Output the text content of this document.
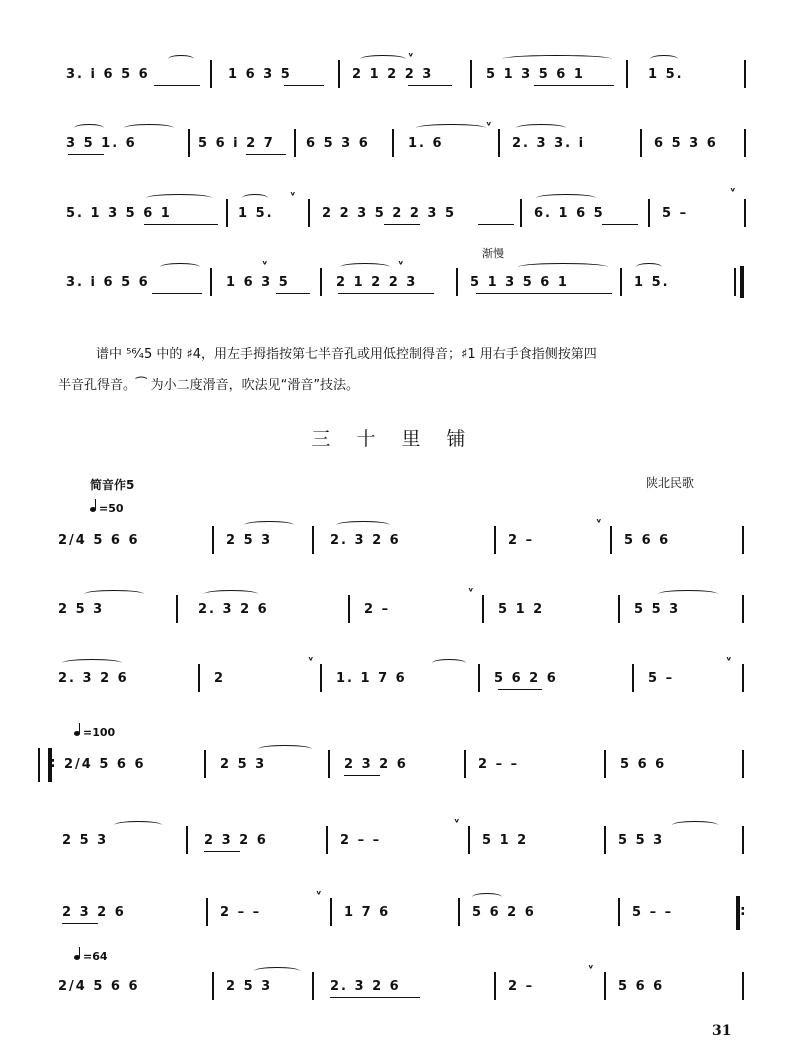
3. i 6 5 6	1 6 3 5	2 1 2 2 3
ᵛ
5 1 3 5 6 1	1 5.
3 5 1. 6	5 6 i 2 7 6 5 3 6	1. 6
ᵛ
2. 3 3. i	6 5 3 6
5. 1 3 5 6 1	1 5.
ᵛ
2 2 3 5 2 2 3 5	6. 1 6 5	5 –
ᵛ
渐慢
3. i 6 5 6	1 6 3 5
ᵛ
2 1 2 2 3
ᵛ
5 1 3 5 6 1	1 5.
谱中 ⁵⁶⁄₄5 中的 ♯4，用左手拇指按第七半音孔或用低控制得音；♯1 用右手食指侧按第四
半音孔得音。⁀ 为小二度滑音，吹法见“滑音”技法。
三十里铺
简音作5	陕北民歌
=50
2/4 5 6 6	2 5 3	2. 3 2 6	2 –
ᵛ
5 6 6
2 5 3	2. 3 2 6	2 –
ᵛ
5 1 2	5 5 3
2. 3 2 6	2
ᵛ
1. 1 7 6	5 6 2 6	5 –
ᵛ
=100
:
2/4 5 6 6	2 5 3	2 3 2 6	2 – –	5 6 6
2 5 3	2 3 2 6	2 – –
ᵛ
5 1 2	5 5 3
2 3 2 6	2 – –
ᵛ
1 7 6	5 6 2 6	5 – –
:
=64
2/4 5 6 6	2 5 3	2. 3 2 6	2 –
ᵛ
5 6 6
31
